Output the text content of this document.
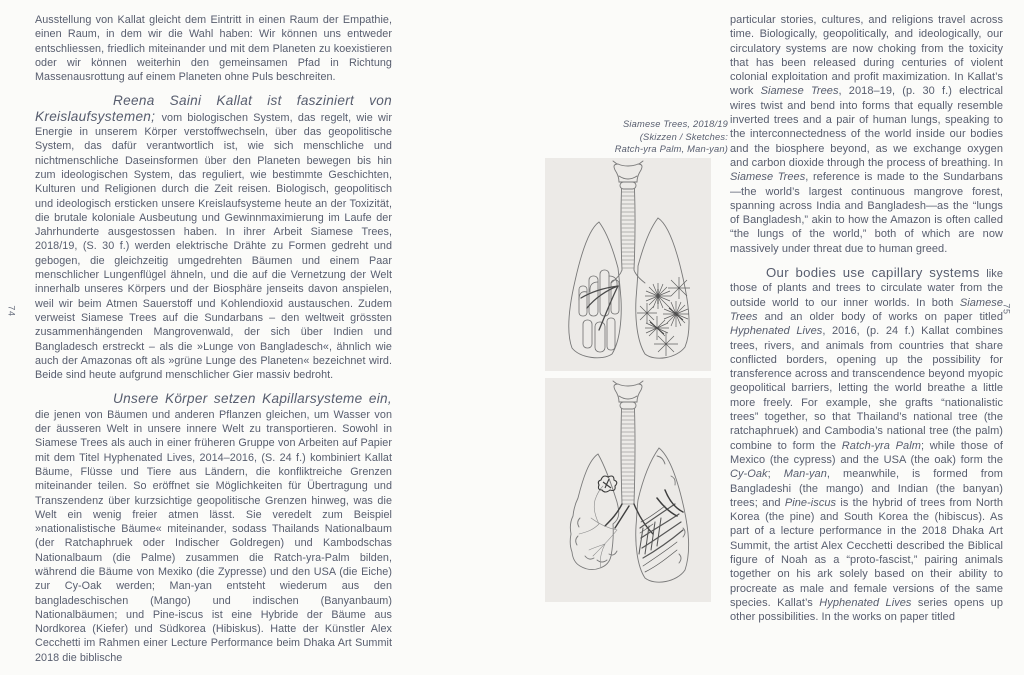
Ausstellung von Kallat gleicht dem Eintritt in einen Raum der Empathie, einen Raum, in dem wir die Wahl haben: Wir können uns entweder entschliessen, friedlich miteinander und mit dem Planeten zu koexistieren oder wir können weiterhin den gemeinsamen Pfad in Richtung Massenausrottung auf einem Planeten ohne Puls beschreiten.

Reena Saini Kallat ist fasziniert von Kreislaufsystemen; vom biologischen System, das regelt, wie wir Energie in unserem Körper verstoffwechseln, über das geopolitische System, das dafür verantwortlich ist, wie sich menschliche und nichtmenschliche Daseinsformen über den Planeten bewegen bis hin zum ideologischen System, das reguliert, wie bestimmte Geschichten, Kulturen und Religionen durch die Zeit reisen. Biologisch, geopolitisch und ideologisch ersticken unsere Kreislaufsysteme heute an der Toxizität, die brutale koloniale Ausbeutung und Gewinnmaximierung im Laufe der Jahrhunderte ausgestossen haben. In ihrer Arbeit Siamese Trees, 2018/19, (S. 30 f.) werden elektrische Drähte zu Formen gedreht und gebogen, die gleichzeitig umgedrehten Bäumen und einem Paar menschlicher Lungenflügel ähneln, und die auf die Vernetzung der Welt innerhalb unseres Körpers und der Biosphäre jenseits davon anspielen, weil wir beim Atmen Sauerstoff und Kohlendioxid austauschen. Zudem verweist Siamese Trees auf die Sundarbans – den weltweit grössten zusammenhängenden Mangrovenwald, der sich über Indien und Bangladesch erstreckt – als die »Lunge von Bangladesch«, ähnlich wie auch der Amazonas oft als »grüne Lunge des Planeten« bezeichnet wird. Beide sind heute aufgrund menschlicher Gier massiv bedroht.

Unsere Körper setzen Kapillarsysteme ein, die jenen von Bäumen und anderen Pflanzen gleichen, um Wasser von der äusseren Welt in unsere innere Welt zu transportieren. Sowohl in Siamese Trees als auch in einer früheren Gruppe von Arbeiten auf Papier mit dem Titel Hyphenated Lives, 2014–2016, (S. 24 f.) kombiniert Kallat Bäume, Flüsse und Tiere aus Ländern, die konfliktreiche Grenzen miteinander teilen. So eröffnet sie Möglichkeiten für Übertragung und Transzendenz über kurzsichtige geopolitische Grenzen hinweg, was die Welt ein wenig freier atmen lässt. Sie veredelt zum Beispiel »nationalistische Bäume« miteinander, sodass Thailands Nationalbaum (der Ratchaphruek oder Indischer Goldregen) und Kambodschas Nationalbaum (die Palme) zusammen die Ratch-yra-Palm bilden, während die Bäume von Mexiko (die Zypresse) und den USA (die Eiche) zur Cy-Oak werden; Man-yan entsteht wiederum aus den bangladeschischen (Mango) und indischen (Banyanbaum) Nationalbäumen; und Pine-iscus ist eine Hybride der Bäume aus Nordkorea (Kiefer) und Südkorea (Hibiskus). Hatte der Künstler Alex Cecchetti im Rahmen einer Lecture Performance beim Dhaka Art Summit 2018 die biblische

particular stories, cultures, and religions travel across time. Biologically, geopolitically, and ideologically, our circulatory systems are now choking from the toxicity that has been released during centuries of violent colonial exploitation and profit maximization. In Kallat’s work Siamese Trees, 2018–19, (p. 30 f.) electrical wires twist and bend into forms that equally resemble inverted trees and a pair of human lungs, speaking to the interconnectedness of the world inside our bodies and the biosphere beyond, as we exchange oxygen and carbon dioxide through the process of breathing. In Siamese Trees, reference is made to the Sundarbans—the world’s largest continuous mangrove forest, spanning across India and Bangladesh—as the “lungs of Bangladesh,” akin to how the Amazon is often called “the lungs of the world,” both of which are now massively under threat due to human greed.

Our bodies use capillary systems like those of plants and trees to circulate water from the outside world to our inner worlds. In both Siamese Trees and an older body of works on paper titled Hyphenated Lives, 2016, (p. 24 f.) Kallat combines trees, rivers, and animals from countries that share conflicted borders, opening up the possibility for transference across and transcendence beyond myopic geopolitical barriers, letting the world breathe a little more freely. For example, she grafts “nationalistic trees” together, so that Thailand’s national tree (the ratchaphruek) and Cambodia’s national tree (the palm) combine to form the Ratch-yra Palm; while those of Mexico (the cypress) and the USA (the oak) form the Cy-Oak; Man-yan, meanwhile, is formed from Bangladeshi (the mango) and Indian (the banyan) trees; and Pine-iscus is the hybrid of trees from North Korea (the pine) and South Korea the (hibiscus). As part of a lecture performance in the 2018 Dhaka Art Summit, the artist Alex Cecchetti described the Biblical figure of Noah as a “proto-fascist,” pairing animals together on his ark solely based on their ability to procreate as male and female versions of the same species. Kallat’s Hyphenated Lives series opens up other possibilities. In the works on paper titled

Siamese Trees, 2018/19
(Skizzen / Sketches:
Ratch-yra Palm, Man-yan)
74	75
